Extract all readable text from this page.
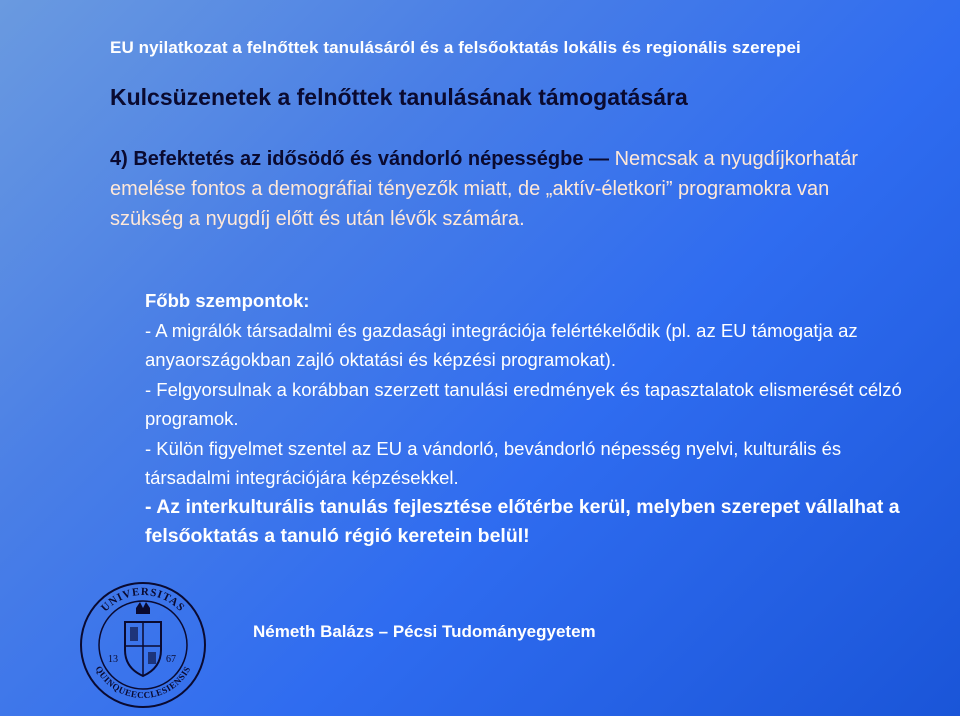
EU nyilatkozat a felnőttek tanulásáról és a felsőoktatás lokális és regionális szerepei
Kulcsüzenetek a felnőttek tanulásának támogatására
4) Befektetés az idősödő és vándorló népességbe ― Nemcsak a nyugdíjkorhatár emelése fontos a demográfiai tényezők miatt, de „aktív-életkori” programokra van szükség a nyugdíj előtt és után lévők számára.
Főbb szempontok:
- A migrálók társadalmi és gazdasági integrációja felértékelődik (pl. az EU támogatja az anyaországokban zajló oktatási és képzési programokat).
- Felgyorsulnak a korábban szerzett tanulási eredmények és tapasztalatok elismerését célzó programok.
- Külön figyelmet szentel az EU a vándorló, bevándorló népesség nyelvi, kulturális és társadalmi integrációjára képzésekkel.
- Az interkulturális tanulás fejlesztése előtérbe kerül, melyben szerepet vállalhat a felsőoktatás a tanuló régió keretein belül!
UNIVERSITAS
QUINQUEECCLESIENSIS
13	67
Németh Balázs – Pécsi Tudományegyetem
